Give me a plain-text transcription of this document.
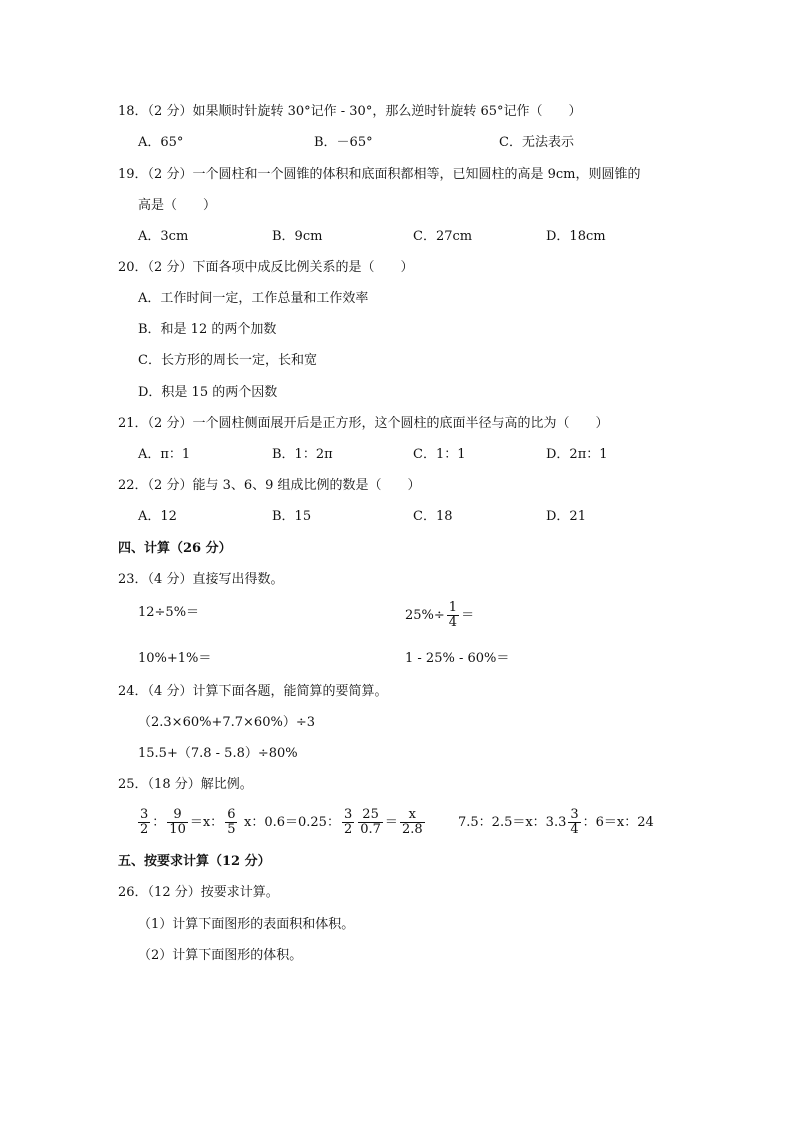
18．（2 分）如果顺时针旋转 30°记作 - 30°，那么逆时针旋转 65°记作（　　）
A．65°	B．－65°	C．无法表示
19．（2 分）一个圆柱和一个圆锥的体积和底面积都相等，已知圆柱的高是 9cm，则圆锥的
高是（　　）
A．3cm	B．9cm	C．27cm	D．18cm
20．（2 分）下面各项中成反比例关系的是（　　）
A．工作时间一定，工作总量和工作效率
B．和是 12 的两个加数
C．长方形的周长一定，长和宽
D．积是 15 的两个因数
21．（2 分）一个圆柱侧面展开后是正方形，这个圆柱的底面半径与高的比为（　　）
A．π：1	B．1：2π	C．1：1	D．2π：1
22．（2 分）能与 3、6、9 组成比例的数是（　　）
A．12	B．15	C．18	D．21
四、计算（26 分）
23．（4 分）直接写出得数。
12÷5%＝	$25\%\div \frac{1}{4}$ ＝
10%+1%＝	1 - 25% - 60%＝
24．（4 分）计算下面各题，能简算的要简算。
（2.3×60%+7.7×60%）÷3
15.5+（7.8 - 5.8）÷80%
25．（18 分）解比例。
$\frac{3}{2}$ ： $\frac{9}{10} =x$： $\frac{6}{5}$ x：0.6＝0.25： $\frac{3}{2} \frac{25}{0.7} = \frac{x}{2.8}$	7.5：2.5＝x：$3.3 \frac{3}{4}$ ：6＝x：24
五、按要求计算（12 分）
26．（12 分）按要求计算。
（1）计算下面图形的表面积和体积。
（2）计算下面图形的体积。
